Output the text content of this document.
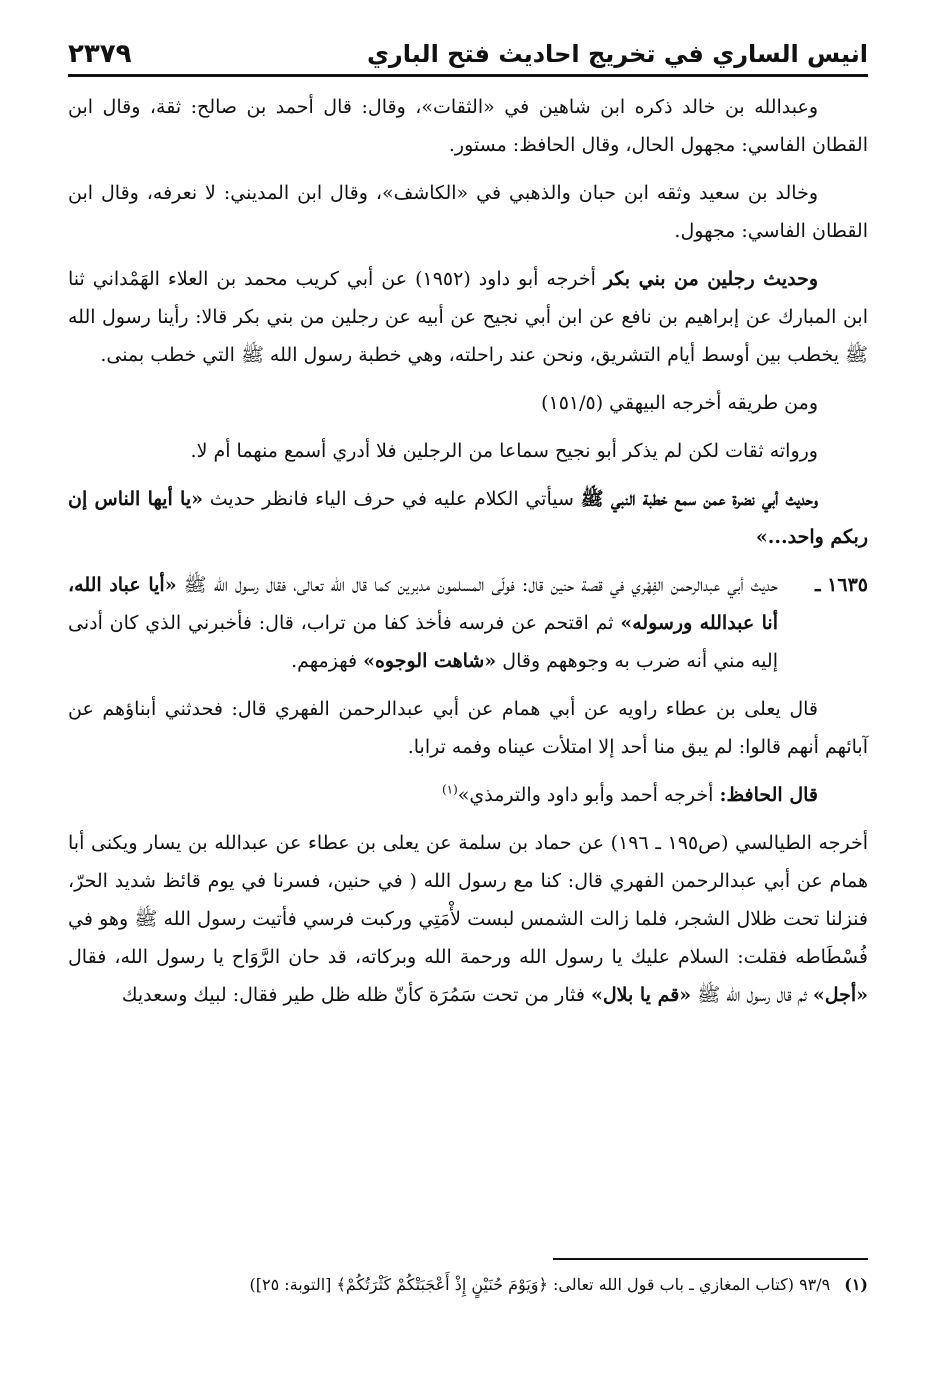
انيس الساري في تخريج احاديث فتح الباري
٢٣٧٩

وعبدالله بن خالد ذكره ابن شاهين في «الثقات»، وقال: قال أحمد بن صالح: ثقة، وقال ابن القطان الفاسي: مجهول الحال، وقال الحافظ: مستور.

وخالد بن سعيد وثقه ابن حبان والذهبي في «الكاشف»، وقال ابن المديني: لا نعرفه، وقال ابن القطان الفاسي: مجهول.

وحديث رجلين من بني بكر أخرجه أبو داود (١٩٥٢) عن أبي كريب محمد بن العلاء الهَمْداني ثنا ابن المبارك عن إبراهيم بن نافع عن ابن أبي نجيح عن أبيه عن رجلين من بني بكر قالا: رأينا رسول الله ﷺ يخطب بين أوسط أيام التشريق، ونحن عند راحلته، وهي خطبة رسول الله ﷺ التي خطب بمنى.

ومن طريقه أخرجه البيهقي (١٥١/٥)

ورواته ثقات لكن لم يذكر أبو نجيح سماعا من الرجلين فلا أدري أسمع منهما أم لا.

وحديث أبي نضرة عمن سمع خطبة النبي ﷺ سيأتي الكلام عليه في حرف الياء فانظر حديث «يا أيها الناس إن ربكم واحد...»

١٦٣٥ ـ
حديث أبي عبدالرحمن الفِهْري في قصة حنين قال: فولّى المسلمون مدبرين كما قال الله تعالى، فقال رسول الله ﷺ «أيا عباد الله، أنا عبدالله ورسوله» ثم اقتحم عن فرسه فأخذ كفا من تراب، قال: فأخبرني الذي كان أدنى إليه مني أنه ضرب به وجوههم وقال «شاهت الوجوه» فهزمهم.

قال يعلى بن عطاء راويه عن أبي همام عن أبي عبدالرحمن الفهري قال: فحدثني أبناؤهم عن آبائهم أنهم قالوا: لم يبق منا أحد إلا امتلأت عيناه وفمه ترابا.

قال الحافظ: أخرجه أحمد وأبو داود والترمذي»$^{(١)}$

أخرجه الطيالسي (ص١٩٥ ـ ١٩٦) عن حماد بن سلمة عن يعلى بن عطاء عن عبدالله بن يسار ويكنى أبا همام عن أبي عبدالرحمن الفهري قال: كنا مع رسول الله ( في حنين، فسرنا في يوم قائظ شديد الحرّ، فنزلنا تحت ظلال الشجر، فلما زالت الشمس لبست لأْمَتِي وركبت فرسي فأتيت رسول الله ﷺ وهو في فُسْطَاطه فقلت: السلام عليك يا رسول الله ورحمة الله وبركاته، قد حان الرَّوَاح يا رسول الله، فقال «أجل» ثم قال رسول الله ﷺ «قم يا بلال» فثار من تحت سَمُرَة كأنّ ظله ظل طير فقال: لبيك وسعديك

(١)٩٣/٩ (كتاب المغازي ـ باب قول الله تعالى: ﴿وَيَوْمَ حُنَيْنٍ إِذْ أَعْجَبَتْكُمْ كَثْرَتُكُمْ﴾ [التوبة: ٢٥])
